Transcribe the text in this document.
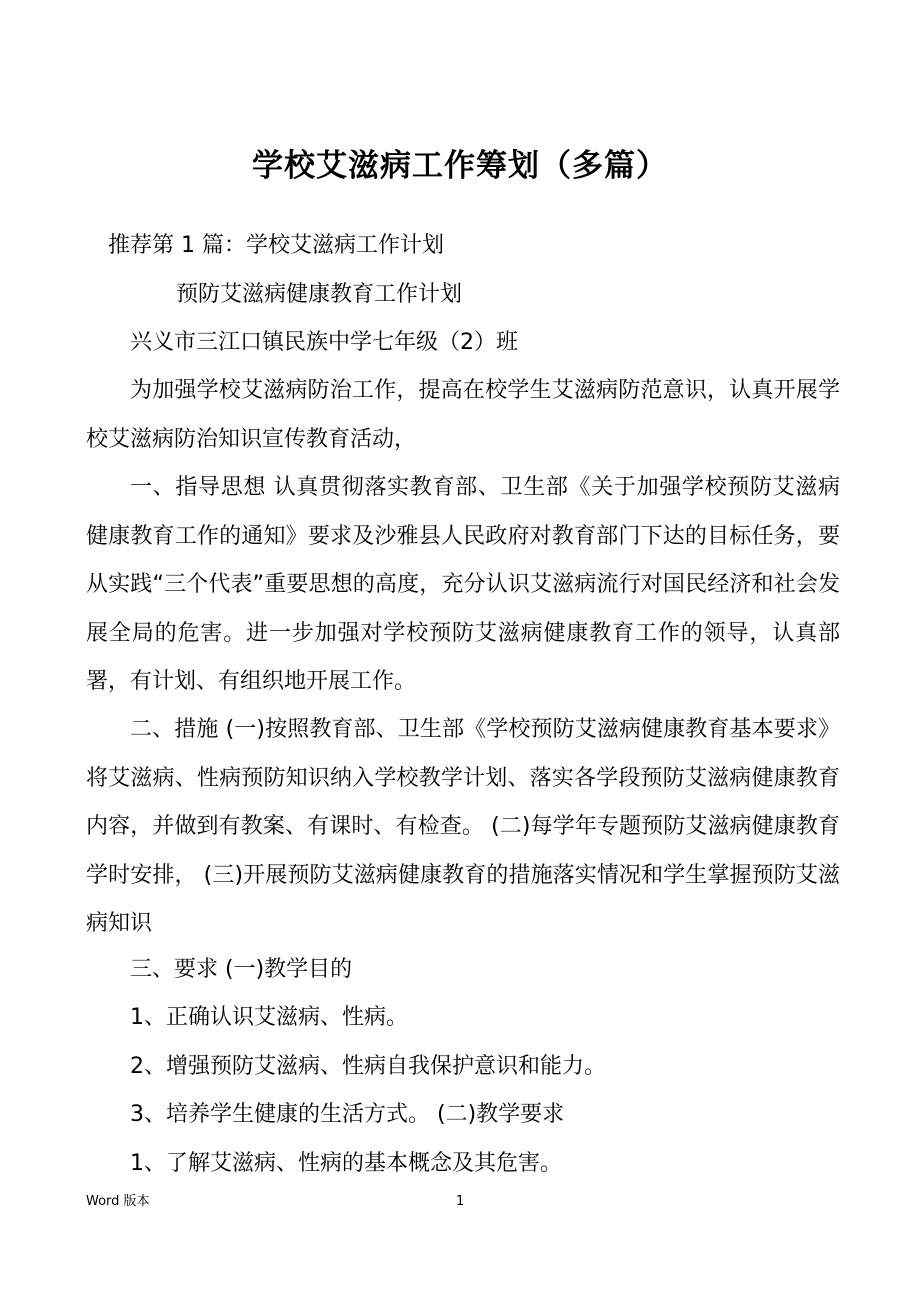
学校艾滋病工作筹划（多篇）
推荐第 1 篇：学校艾滋病工作计划
预防艾滋病健康教育工作计划
兴义市三江口镇民族中学七年级（2）班
为加强学校艾滋病防治工作，提高在校学生艾滋病防范意识，认真开展学校艾滋病防治知识宣传教育活动，
一、指导思想 认真贯彻落实教育部、卫生部《关于加强学校预防艾滋病健康教育工作的通知》要求及沙雅县人民政府对教育部门下达的目标任务，要从实践“三个代表”重要思想的高度，充分认识艾滋病流行对国民经济和社会发展全局的危害。进一步加强对学校预防艾滋病健康教育工作的领导，认真部署，有计划、有组织地开展工作。
二、措施 (一)按照教育部、卫生部《学校预防艾滋病健康教育基本要求》将艾滋病、性病预防知识纳入学校教学计划、落实各学段预防艾滋病健康教育内容，并做到有教案、有课时、有检查。 (二)每学年专题预防艾滋病健康教育学时安排， (三)开展预防艾滋病健康教育的措施落实情况和学生掌握预防艾滋病知识
三、要求 (一)教学目的
1、正确认识艾滋病、性病。
2、增强预防艾滋病、性病自我保护意识和能力。
3、培养学生健康的生活方式。 (二)教学要求
1、了解艾滋病、性病的基本概念及其危害。
Word 版本	1
